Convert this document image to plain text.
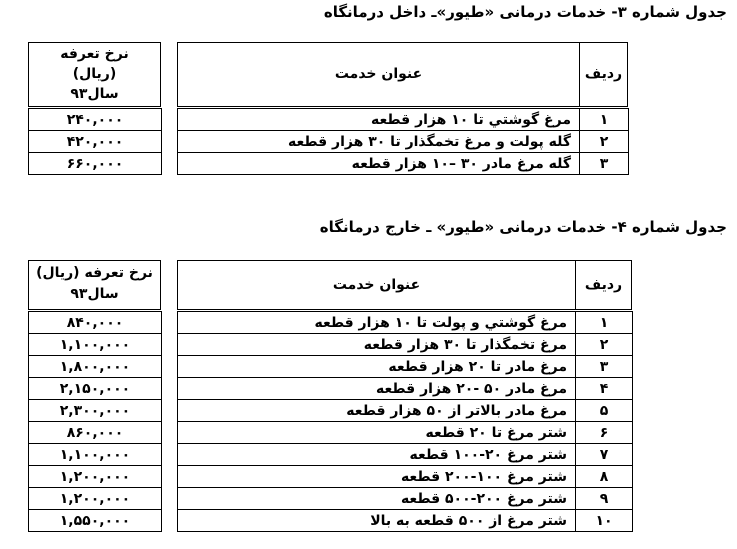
جدول شماره ۳- خدمات درمانی «طیور»ـ داخل درمانگاه
نرخ تعرفه
(ریال)
سال۹۳
عنوان خدمت	ردیف
۲۴۰,۰۰۰		مرغ گوشتي تا ۱۰ هزار قطعه	۱
۴۲۰,۰۰۰		گله پولت و مرغ تخمگذار تا ۳۰ هزار قطعه	۲
۶۶۰,۰۰۰		گله مرغ مادر ۳۰ –۱۰ هزار قطعه	۳
جدول شماره ۴- خدمات درمانی «طیور» ـ خارج درمانگاه
نرخ تعرفه (ریال)
سال۹۳
عنوان خدمت	ردیف
۸۴۰,۰۰۰		مرغ گوشتي و پولت تا ۱۰ هزار قطعه	۱
۱,۱۰۰,۰۰۰		مرغ تخمگذار تا ۳۰ هزار قطعه	۲
۱,۸۰۰,۰۰۰		مرغ مادر تا ۲۰ هزار قطعه	۳
۲,۱۵۰,۰۰۰		مرغ مادر ۵۰ -۲۰ هزار قطعه	۴
۲,۳۰۰,۰۰۰		مرغ مادر بالاتر از ۵۰ هزار قطعه	۵
۸۶۰,۰۰۰		شتر مرغ تا ۲۰ قطعه	۶
۱,۱۰۰,۰۰۰		شتر مرغ ۲۰-۱۰۰ قطعه	۷
۱,۲۰۰,۰۰۰		شتر مرغ ۱۰۰-۲۰۰ قطعه	۸
۱,۲۰۰,۰۰۰		شتر مرغ ۲۰۰-۵۰۰ قطعه	۹
۱,۵۵۰,۰۰۰		شتر مرغ از ۵۰۰ قطعه به بالا	۱۰
